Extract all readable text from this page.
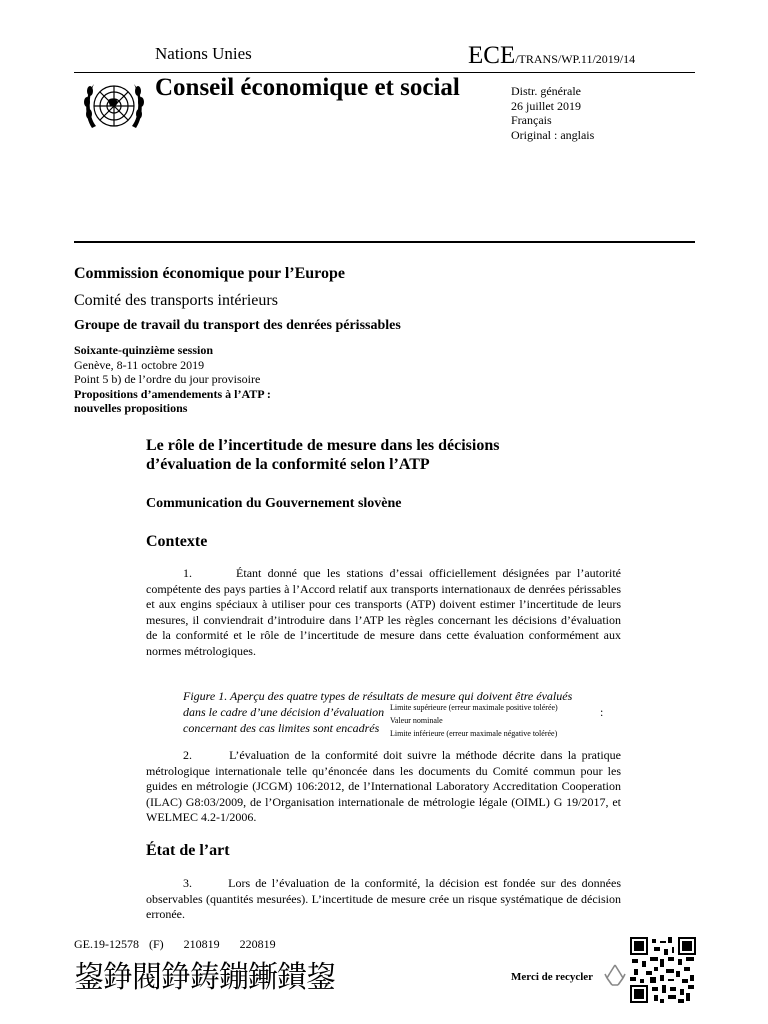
Nations Unies	ECE/TRANS/WP.11/2019/14
Conseil économique et social	Distr. générale
26 juillet 2019
Français
Original : anglais
Commission économique pour l’Europe
Comité des transports intérieurs
Groupe de travail du transport des denrées périssables
Soixante-quinzième session
Genève, 8-11 octobre 2019
Point 5 b) de l’ordre du jour provisoire
Propositions d’amendements à l’ATP :
nouvelles propositions
Le rôle de l’incertitude de mesure dans les décisions
d’évaluation de la conformité selon l’ATP
Communication du Gouvernement slovène
Contexte
1.       Étant donné que les stations d’essai officiellement désignées par l’autorité compétente des pays parties à l’Accord relatif aux transports internationaux de denrées périssables et aux engins spéciaux à utiliser pour ces transports (ATP) doivent estimer l’incertitude de leurs mesures, il conviendrait d’introduire dans l’ATP les règles concernant les décisions d’évaluation de la conformité et le rôle de l’incertitude de mesure dans cette évaluation conformément aux normes métrologiques.
Figure 1. Aperçu des quatre types de résultats de mesure qui doivent être évalués
dans le cadre d’une décision d’évaluation
concernant des cas limites sont encadrés
:
Limite supérieure (erreur maximale positive tolérée)
Valeur nominale
Limite inférieure (erreur maximale négative tolérée)
2.       L’évaluation de la conformité doit suivre la méthode décrite dans la pratique métrologique internationale telle qu’énoncée dans les documents du Comité commun pour les guides en métrologie (JCGM) 106:2012, de l’International Laboratory Accreditation Cooperation (ILAC) G8:03/2009, de l’Organisation internationale de métrologie légale (OIML) G 19/2017, et WELMEC 4.2-1/2006.
État de l’art
3.       Lors de l’évaluation de la conformité, la décision est fondée sur des données observables (quantités mesurées). L’incertitude de mesure crée un risque systématique de décision erronée.
GE.19-12578  (F)    210819    220819
鋆錚閥錚鋳鏰鏩鐀鋆	Merci de recycler
